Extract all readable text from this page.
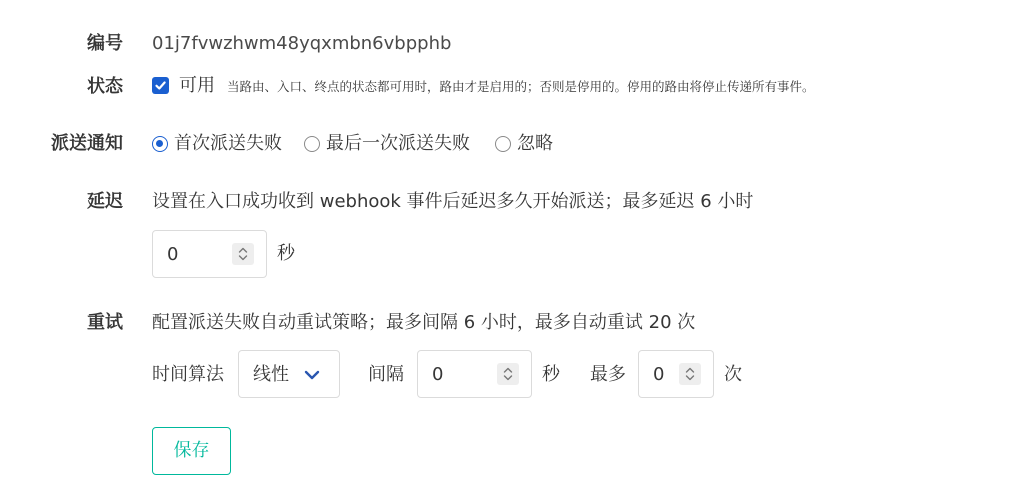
编号 01j7fvwzhwm48yqxmbn6vbpphb
状态	可用 当路由、入口、终点的状态都可用时，路由才是启用的；否则是停用的。停用的路由将停止传递所有事件。
派送通知	首次派送失败 最后一次派送失败	忽略
延迟 设置在入口成功收到 webhook 事件后延迟多久开始派送；最多延迟 6 小时
0	秒
重试 配置派送失败自动重试策略；最多间隔 6 小时，最多自动重试 20 次
时间算法 线性	间隔 0	秒 最多 0	次
保存
